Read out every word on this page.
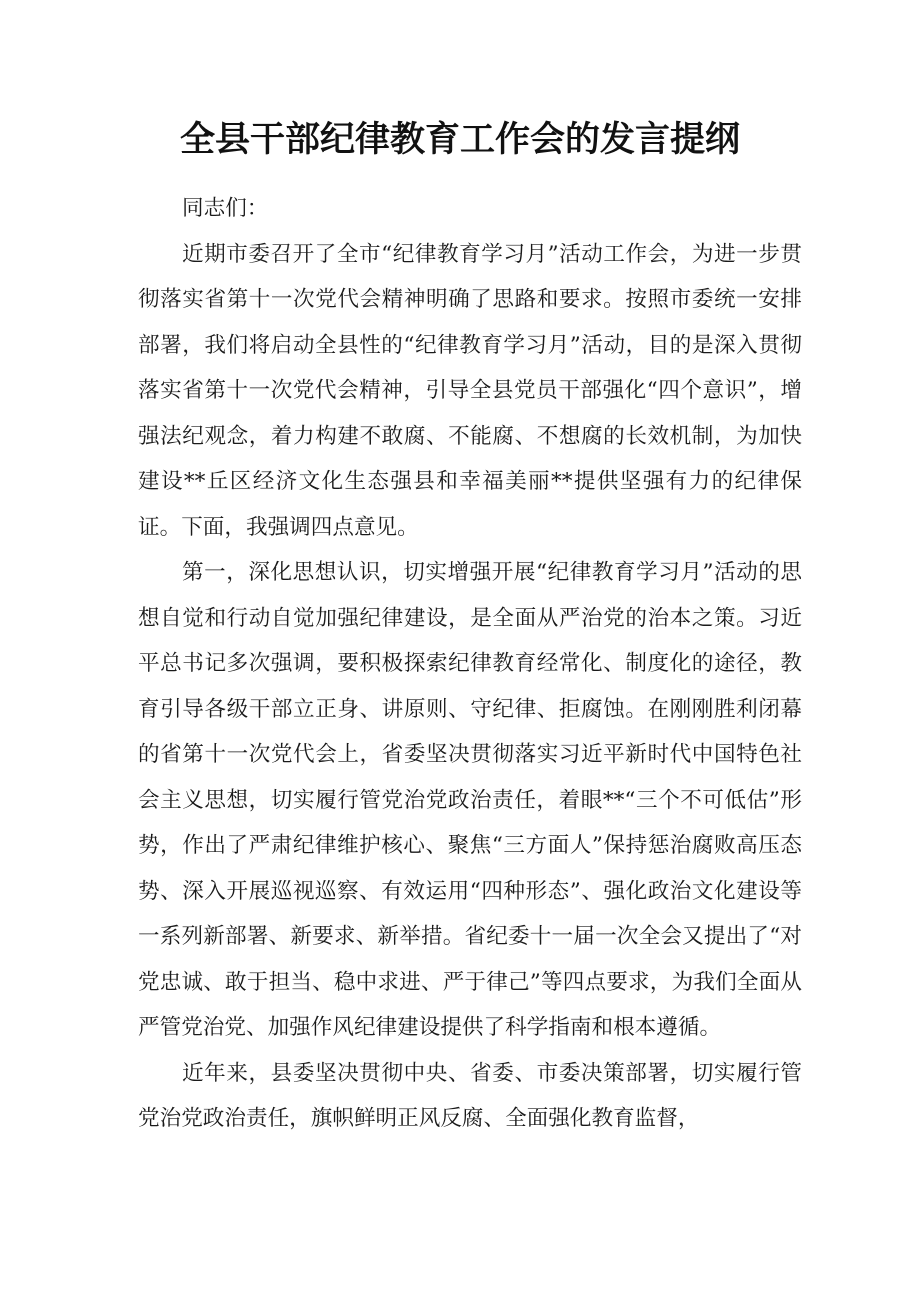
全县干部纪律教育工作会的发言提纲

同志们：

近期市委召开了全市“纪律教育学习月”活动工作会，为进一步贯彻落实省第十一次党代会精神明确了思路和要求。按照市委统一安排部署，我们将启动全县性的“纪律教育学习月”活动，目的是深入贯彻落实省第十一次党代会精神，引导全县党员干部强化“四个意识”，增强法纪观念，着力构建不敢腐、不能腐、不想腐的长效机制，为加快建设**丘区经济文化生态强县和幸福美丽**提供坚强有力的纪律保证。下面，我强调四点意见。

第一，深化思想认识，切实增强开展“纪律教育学习月”活动的思想自觉和行动自觉加强纪律建设，是全面从严治党的治本之策。习近平总书记多次强调，要积极探索纪律教育经常化、制度化的途径，教育引导各级干部立正身、讲原则、守纪律、拒腐蚀。在刚刚胜利闭幕的省第十一次党代会上，省委坚决贯彻落实习近平新时代中国特色社会主义思想，切实履行管党治党政治责任，着眼**“三个不可低估”形势，作出了严肃纪律维护核心、聚焦“三方面人”保持惩治腐败高压态势、深入开展巡视巡察、有效运用“四种形态”、强化政治文化建设等一系列新部署、新要求、新举措。省纪委十一届一次全会又提出了“对党忠诚、敢于担当、稳中求进、严于律己”等四点要求，为我们全面从严管党治党、加强作风纪律建设提供了科学指南和根本遵循。

近年来，县委坚决贯彻中央、省委、市委决策部署，切实履行管党治党政治责任，旗帜鲜明正风反腐、全面强化教育监督，
